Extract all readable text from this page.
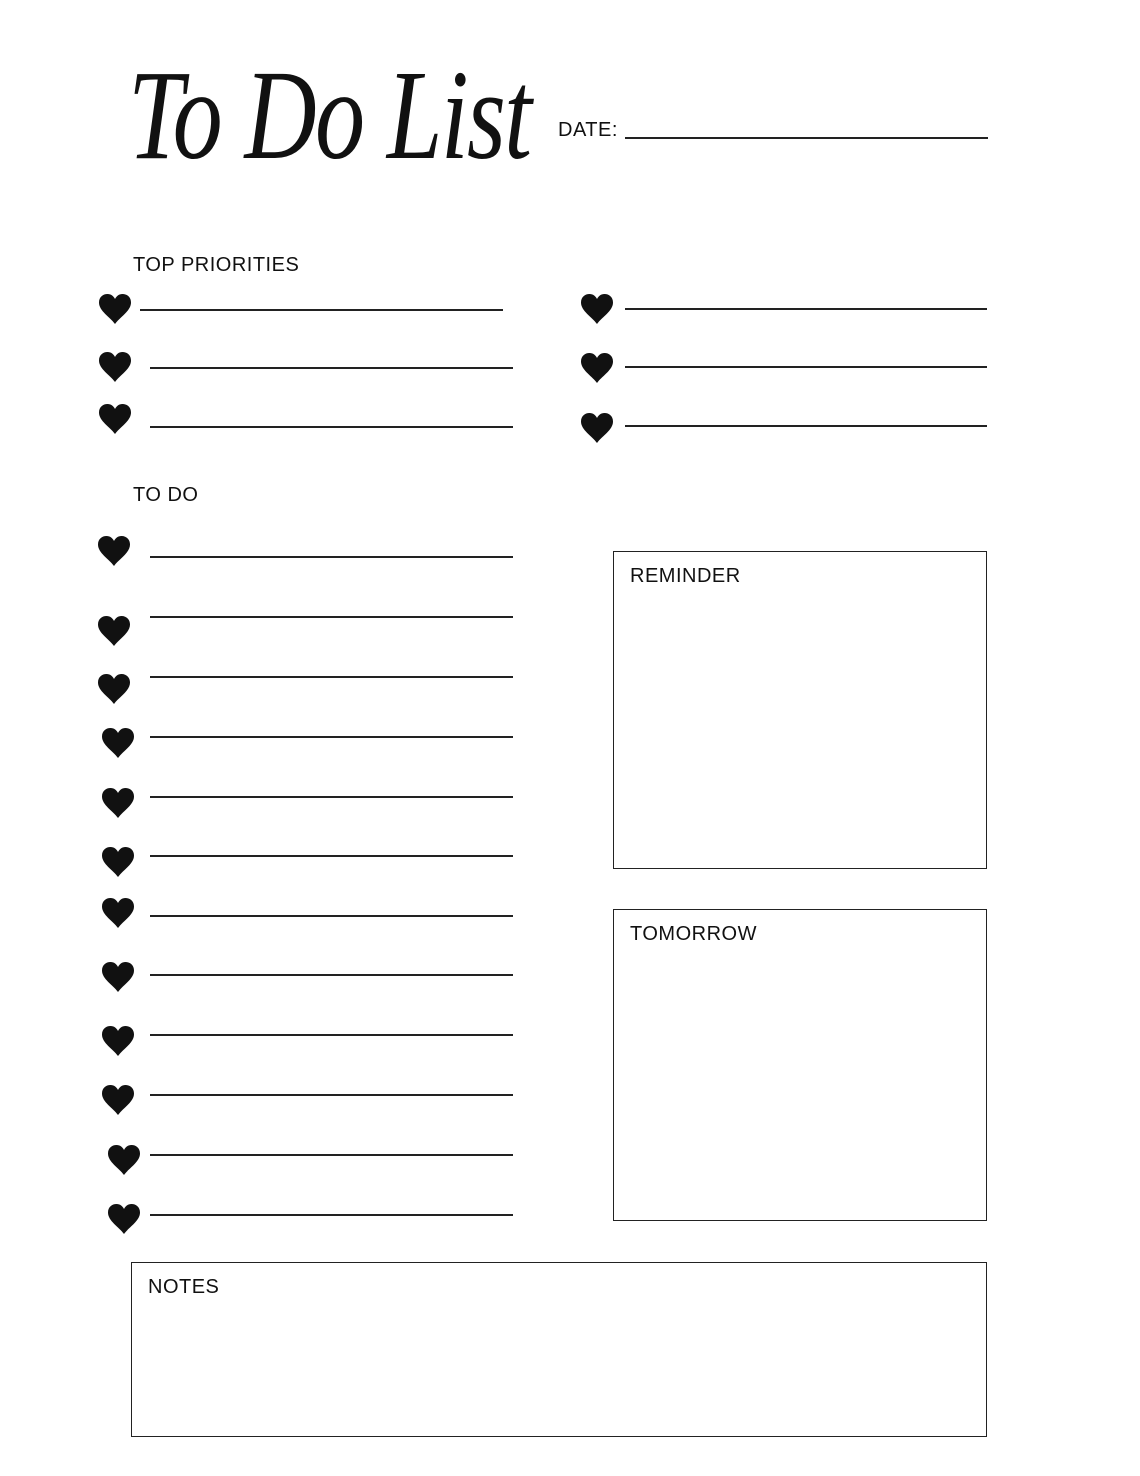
To Do List DATE:
TOP PRIORITIES
TO DO
REMINDER
TOMORROW
NOTES
